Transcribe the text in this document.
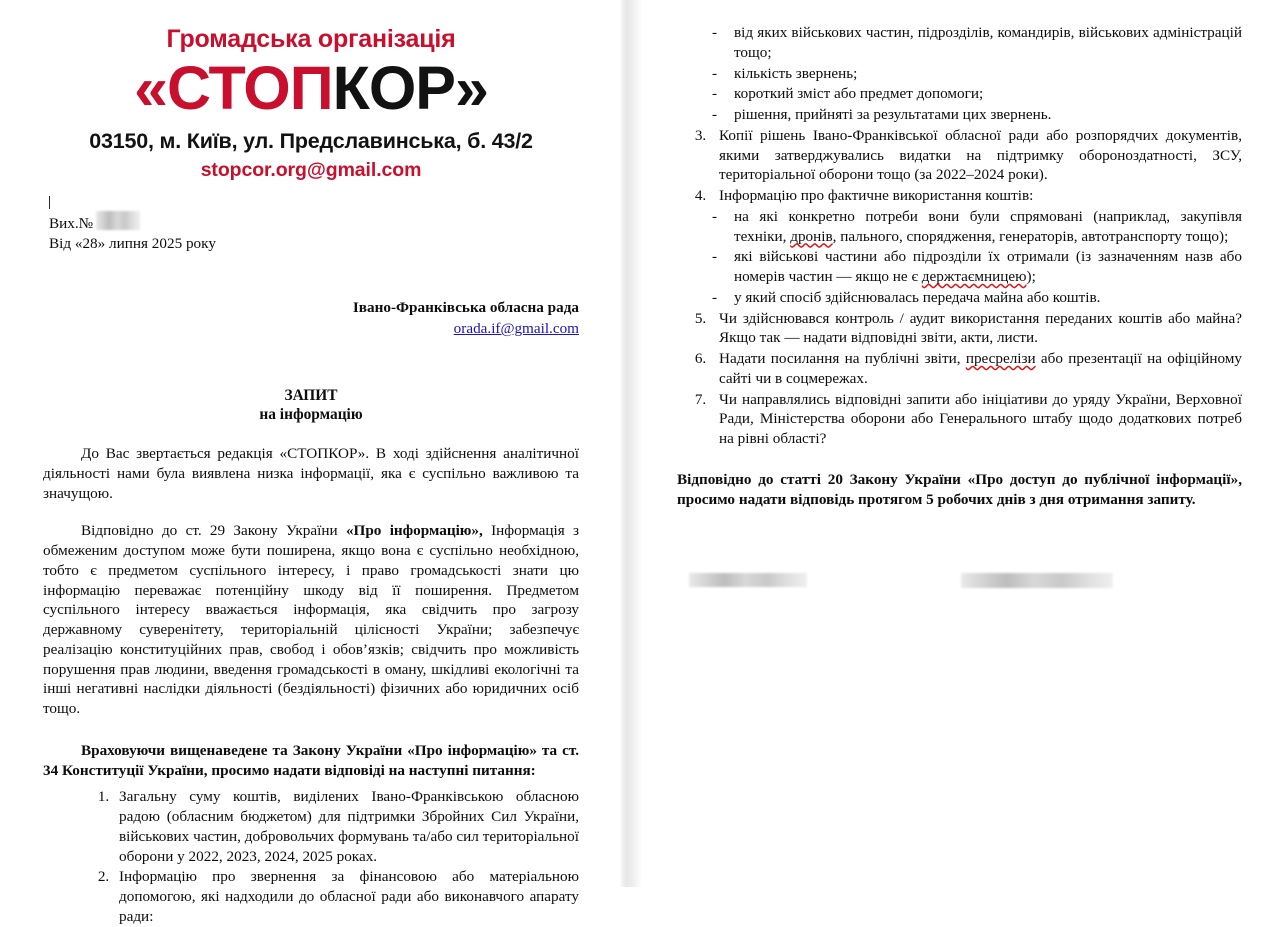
Громадська організація
«СТОПКОР»
03150, м. Київ, ул. Предславинська, б. 43/2
stopcor.org@gmail.com
Вих.№
Від «28» липня 2025 року
Івано-Франківська обласна рада
orada.if@gmail.com
ЗАПИТ
на інформацію

До Вас звертається редакція «СТОПКОР». В ході здійснення аналітичної діяльності нами була виявлена низка інформації, яка є суспільно важливою та значущою.

Відповідно до ст. 29 Закону України «Про інформацію», Інформація з обмеженим доступом може бути поширена, якщо вона є суспільно необхідною, тобто є предметом суспільного інтересу, і право громадськості знати цю інформацію переважає потенційну шкоду від її поширення. Предметом суспільного інтересу вважається інформація, яка свідчить про загрозу державному суверенітету, територіальній цілісності України; забезпечує реалізацію конституційних прав, свобод і обов’язків; свідчить про можливість порушення прав людини, введення громадськості в оману, шкідливі екологічні та інші негативні наслідки діяльності (бездіяльності) фізичних або юридичних осіб тощо.

Враховуючи вищенаведене та Закону України «Про інформацію» та ст. 34 Конституції України, просимо надати відповіді на наступні питання:

1. Загальну суму коштів, виділених Івано-Франківською обласною радою (обласним бюджетом) для підтримки Збройних Сил України, військових частин, добровольчих формувань та/або сил територіальної оборони у 2022, 2023, 2024, 2025 роках.
2. Інформацію про звернення за фінансовою або матеріальною допомогою, які надходили до обласної ради або виконавчого апарату ради:
- від яких військових частин, підрозділів, командирів, військових адміністрацій тощо;
- кількість звернень;
- короткий зміст або предмет допомоги;
- рішення, прийняті за результатами цих звернень.
3. Копії рішень Івано-Франківської обласної ради або розпорядчих документів, якими затверджувались видатки на підтримку обороноздатності, ЗСУ, територіальної оборони тощо (за 2022–2024 роки).
4. Інформацію про фактичне використання коштів:
- на які конкретно потреби вони були спрямовані (наприклад, закупівля техніки, дронів, пального, спорядження, генераторів, автотранспорту тощо);
- які військові частини або підрозділи їх отримали (із зазначенням назв або номерів частин — якщо не є держтаємницею);
- у який спосіб здійснювалась передача майна або коштів.
5. Чи здійснювався контроль / аудит використання переданих коштів або майна? Якщо так — надати відповідні звіти, акти, листи.
6. Надати посилання на публічні звіти, пресрелізи або презентації на офіційному сайті чи в соцмережах.
7. Чи направлялись відповідні запити або ініціативи до уряду України, Верховної Ради, Міністерства оборони або Генерального штабу щодо додаткових потреб на рівні області?

Відповідно до статті 20 Закону України «Про доступ до публічної інформації», просимо надати відповідь протягом 5 робочих днів з дня отримання запиту.
